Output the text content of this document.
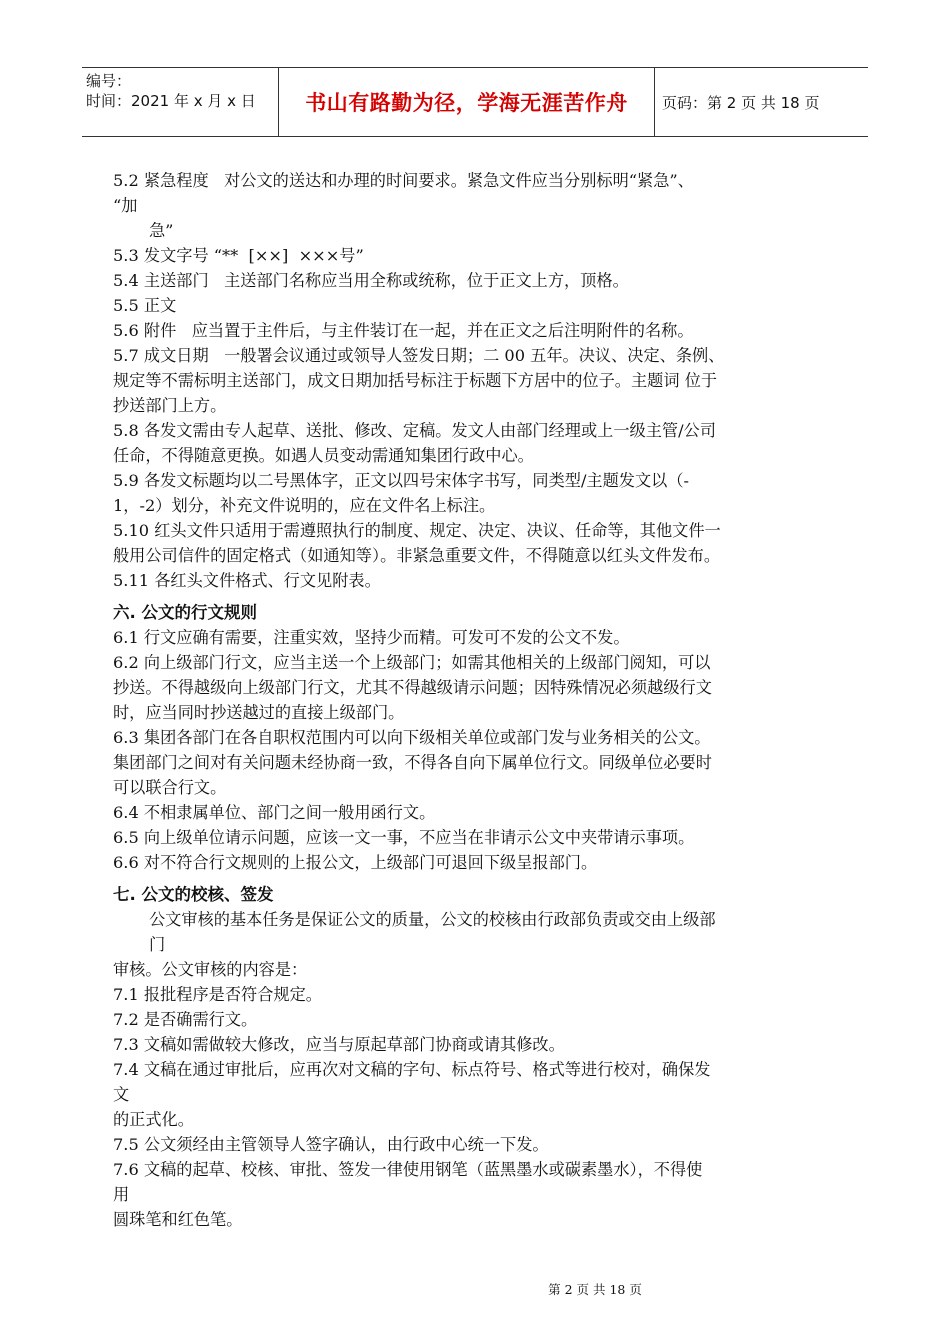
编号：
时间：2021 年 x 月 x 日	书山有路勤为径，学海无涯苦作舟	页码：第 2 页 共 18 页

5.2 紧急程度   对公文的送达和办理的时间要求。紧急文件应当分别标明“紧急”、

“加

急”

5.3 发文字号 “**  [××]  ×××号”

5.4 主送部门   主送部门名称应当用全称或统称，位于正文上方，顶格。

5.5 正文

5.6 附件   应当置于主件后，与主件装订在一起，并在正文之后注明附件的名称。

5.7 成文日期   一般署会议通过或领导人签发日期；二 00 五年。决议、决定、条例、

规定等不需标明主送部门，成文日期加括号标注于标题下方居中的位子。主题词 位于

抄送部门上方。

5.8 各发文需由专人起草、送批、修改、定稿。发文人由部门经理或上一级主管/公司

任命，不得随意更换。如遇人员变动需通知集团行政中心。

5.9 各发文标题均以二号黑体字，正文以四号宋体字书写，同类型/主题发文以（-

1，-2）划分，补充文件说明的，应在文件名上标注。

5.10 红头文件只适用于需遵照执行的制度、规定、决定、决议、任命等，其他文件一

般用公司信件的固定格式（如通知等）。非紧急重要文件，不得随意以红头文件发布。

5.11 各红头文件格式、行文见附表。

六. 公文的行文规则

6.1 行文应确有需要，注重实效，坚持少而精。可发可不发的公文不发。

6.2 向上级部门行文，应当主送一个上级部门；如需其他相关的上级部门阅知，可以

抄送。不得越级向上级部门行文，尤其不得越级请示问题；因特殊情况必须越级行文

时，应当同时抄送越过的直接上级部门。

6.3 集团各部门在各自职权范围内可以向下级相关单位或部门发与业务相关的公文。

集团部门之间对有关问题未经协商一致，不得各自向下属单位行文。同级单位必要时

可以联合行文。

6.4 不相隶属单位、部门之间一般用函行文。

6.5 向上级单位请示问题，应该一文一事，不应当在非请示公文中夹带请示事项。

6.6 对不符合行文规则的上报公文，上级部门可退回下级呈报部门。

七. 公文的校核、签发

公文审核的基本任务是保证公文的质量，公文的校核由行政部负责或交由上级部

门

审核。公文审核的内容是：

7.1 报批程序是否符合规定。

7.2 是否确需行文。

7.3 文稿如需做较大修改，应当与原起草部门协商或请其修改。

7.4 文稿在通过审批后，应再次对文稿的字句、标点符号、格式等进行校对，确保发

文

的正式化。

7.5 公文须经由主管领导人签字确认，由行政中心统一下发。

7.6 文稿的起草、校核、审批、签发一律使用钢笔（蓝黑墨水或碳素墨水），不得使

用

圆珠笔和红色笔。

第 2 页 共 18 页
